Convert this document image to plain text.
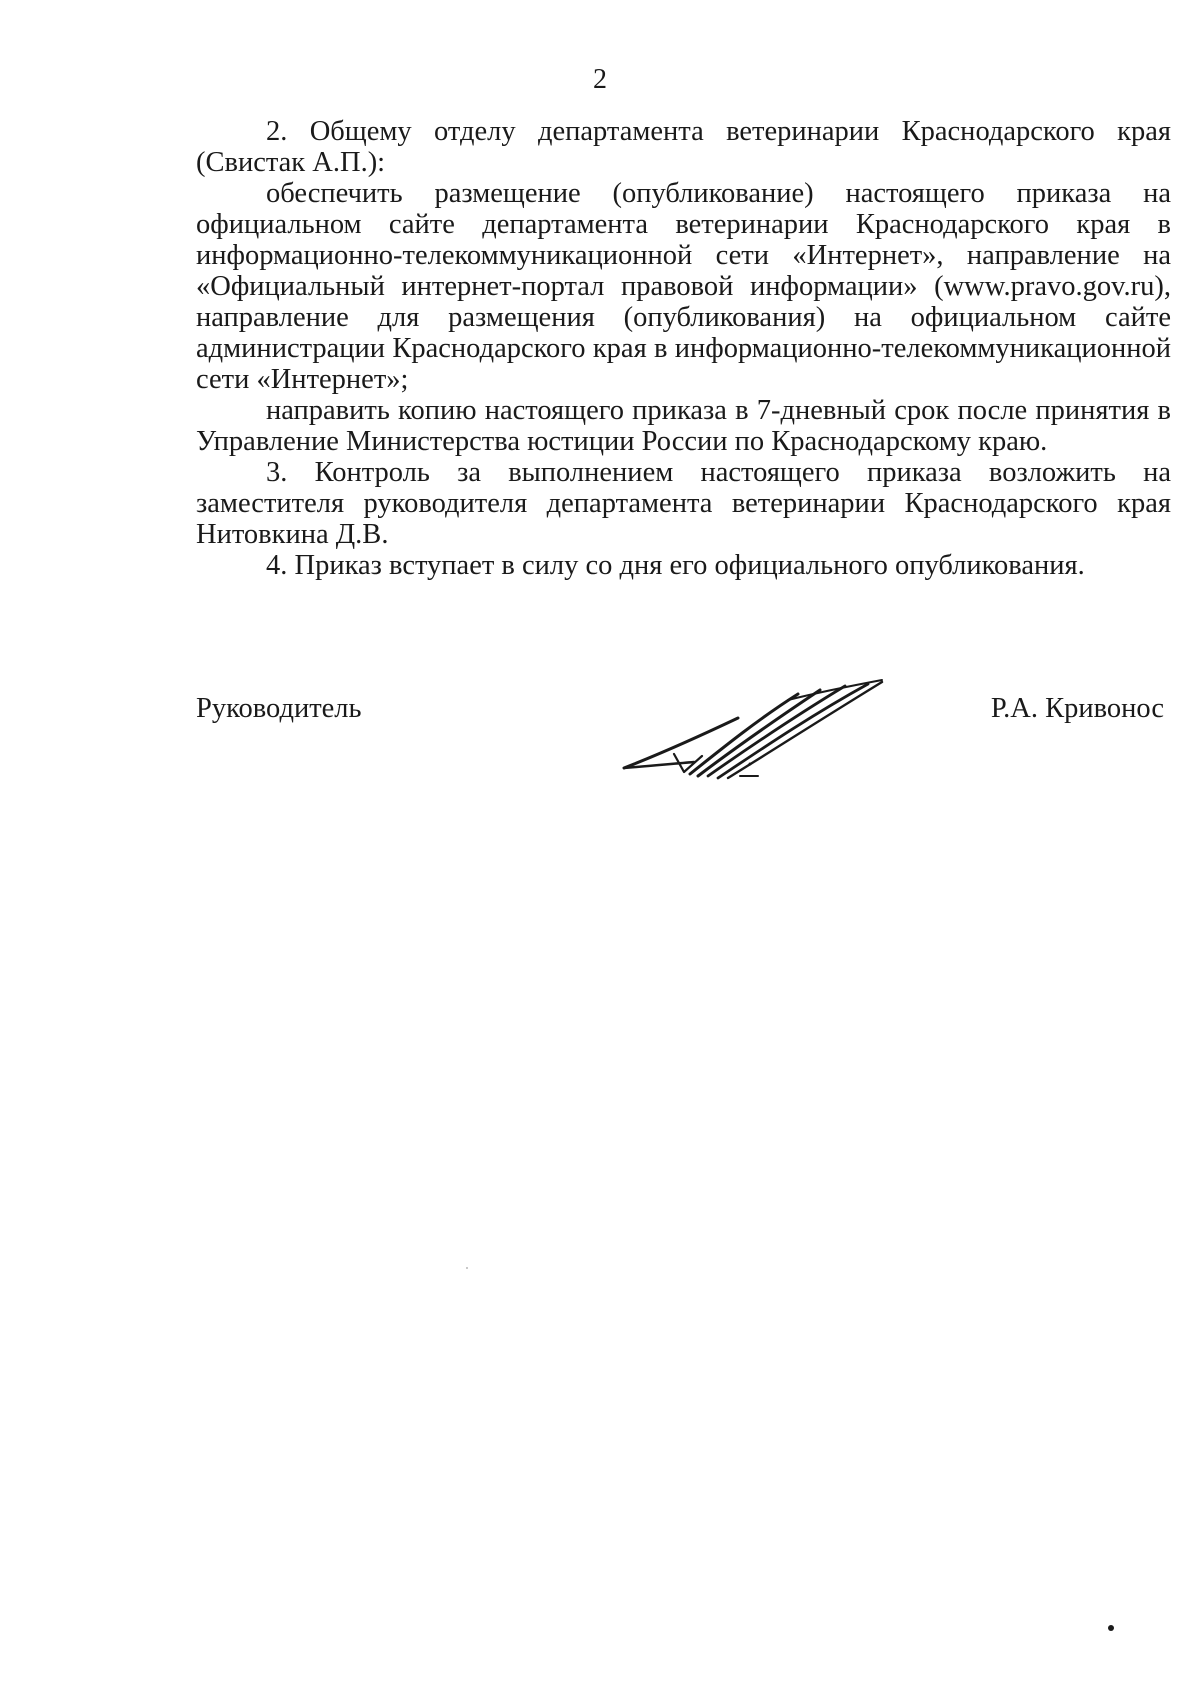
2

2. Общему отделу департамента ветеринарии Краснодарского края (Свистак А.П.):

обеспечить размещение (опубликование) настоящего приказа на официальном сайте департамента ветеринарии Краснодарского края в информационно-телекоммуникационной сети «Интернет», направление на «Официальный интернет-портал правовой информации» (www.pravo.gov.ru), направление для размещения (опубликования) на официальном сайте администрации Краснодарского края в информационно-телекоммуникационной сети «Интернет»;

направить копию настоящего приказа в 7-дневный срок после принятия в Управление Министерства юстиции России по Краснодарскому краю.

3. Контроль за выполнением настоящего приказа возложить на заместителя руководителя департамента ветеринарии Краснодарского края Нитовкина Д.В.

4. Приказ вступает в силу со дня его официального опубликования.

Руководитель	Р.А. Кривонос
